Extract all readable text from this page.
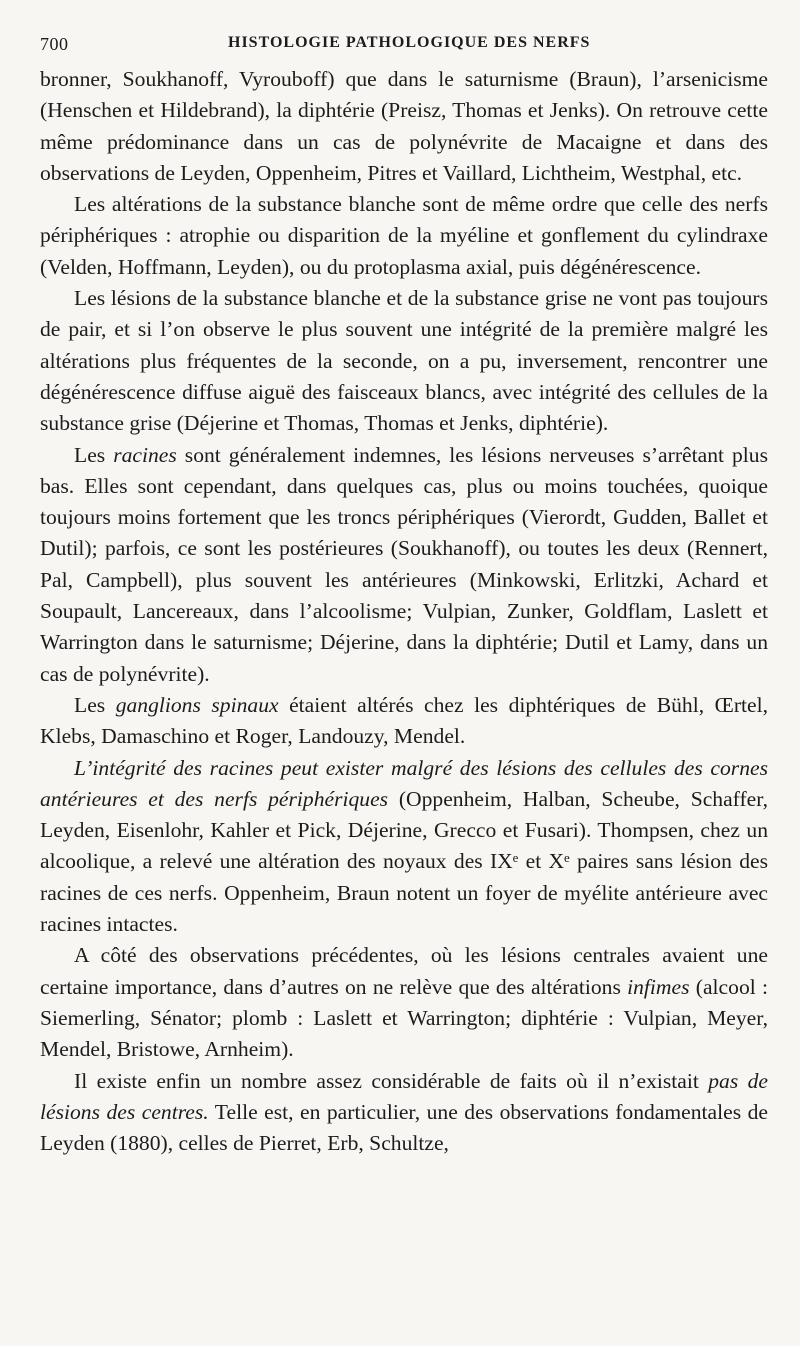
700	HISTOLOGIE PATHOLOGIQUE DES NERFS

bronner, Soukhanoff, Vyrouboff) que dans le saturnisme (Braun), l’arsenicisme (Henschen et Hildebrand), la diphtérie (Preisz, Thomas et Jenks). On retrouve cette même prédominance dans un cas de polynévrite de Macaigne et dans des observations de Leyden, Oppenheim, Pitres et Vaillard, Lichtheim, Westphal, etc.

Les altérations de la substance blanche sont de même ordre que celle des nerfs périphériques : atrophie ou disparition de la myéline et gonflement du cylindraxe (Velden, Hoffmann, Leyden), ou du protoplasma axial, puis dégénérescence.

Les lésions de la substance blanche et de la substance grise ne vont pas toujours de pair, et si l’on observe le plus souvent une intégrité de la première malgré les altérations plus fréquentes de la seconde, on a pu, inversement, rencontrer une dégénérescence diffuse aiguë des faisceaux blancs, avec intégrité des cellules de la substance grise (Déjerine et Thomas, Thomas et Jenks, diphtérie).

Les racines sont généralement indemnes, les lésions nerveuses s’arrêtant plus bas. Elles sont cependant, dans quelques cas, plus ou moins touchées, quoique toujours moins fortement que les troncs périphériques (Vierordt, Gudden, Ballet et Dutil); parfois, ce sont les postérieures (Soukhanoff), ou toutes les deux (Rennert, Pal, Campbell), plus souvent les antérieures (Minkowski, Erlitzki, Achard et Soupault, Lancereaux, dans l’alcoolisme; Vulpian, Zunker, Goldflam, Laslett et Warrington dans le saturnisme; Déjerine, dans la diphtérie; Dutil et Lamy, dans un cas de polynévrite).

Les ganglions spinaux étaient altérés chez les diphtériques de Bühl, Œrtel, Klebs, Damaschino et Roger, Landouzy, Mendel.

L’intégrité des racines peut exister malgré des lésions des cellules des cornes antérieures et des nerfs périphériques (Oppenheim, Halban, Scheube, Schaffer, Leyden, Eisenlohr, Kahler et Pick, Déjerine, Grecco et Fusari). Thompsen, chez un alcoolique, a relevé une altération des noyaux des IXᵉ et Xᵉ paires sans lésion des racines de ces nerfs. Oppenheim, Braun notent un foyer de myélite antérieure avec racines intactes.

A côté des observations précédentes, où les lésions centrales avaient une certaine importance, dans d’autres on ne relève que des altérations infimes (alcool : Siemerling, Sénator; plomb : Laslett et Warrington; diphtérie : Vulpian, Meyer, Mendel, Bristowe, Arnheim).

Il existe enfin un nombre assez considérable de faits où il n’existait pas de lésions des centres. Telle est, en particulier, une des observations fondamentales de Leyden (1880), celles de Pierret, Erb, Schultze,
